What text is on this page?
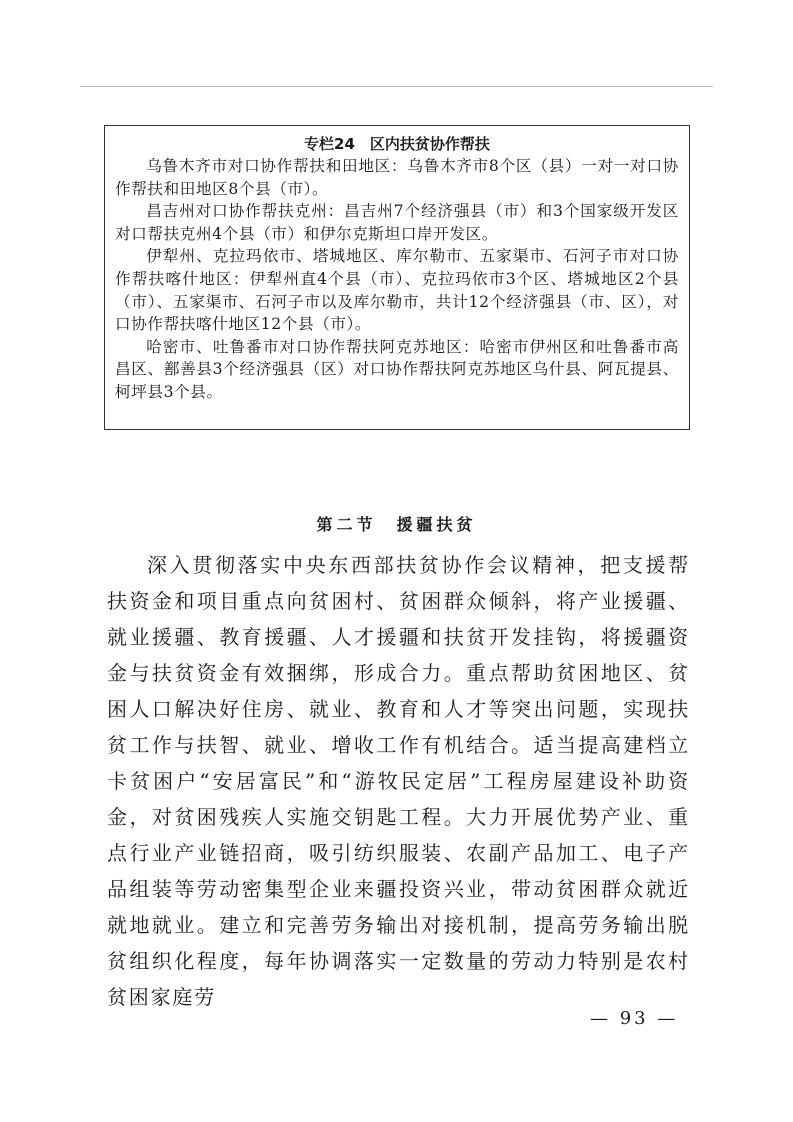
专栏24　区内扶贫协作帮扶

乌鲁木齐市对口协作帮扶和田地区：乌鲁木齐市8个区（县）一对一对口协作帮扶和田地区8个县（市）。

昌吉州对口协作帮扶克州：昌吉州7个经济强县（市）和3个国家级开发区对口帮扶克州4个县（市）和伊尔克斯坦口岸开发区。

伊犁州、克拉玛依市、塔城地区、库尔勒市、五家渠市、石河子市对口协作帮扶喀什地区：伊犁州直4个县（市）、克拉玛依市3个区、塔城地区2个县（市）、五家渠市、石河子市以及库尔勒市，共计12个经济强县（市、区），对口协作帮扶喀什地区12个县（市）。

哈密市、吐鲁番市对口协作帮扶阿克苏地区：哈密市伊州区和吐鲁番市高昌区、鄯善县3个经济强县（区）对口协作帮扶阿克苏地区乌什县、阿瓦提县、柯坪县3个县。

第二节　援疆扶贫

深入贯彻落实中央东西部扶贫协作会议精神，把支援帮扶资金和项目重点向贫困村、贫困群众倾斜，将产业援疆、就业援疆、教育援疆、人才援疆和扶贫开发挂钩，将援疆资金与扶贫资金有效捆绑，形成合力。重点帮助贫困地区、贫困人口解决好住房、就业、教育和人才等突出问题，实现扶贫工作与扶智、就业、增收工作有机结合。适当提高建档立卡贫困户“安居富民”和“游牧民定居”工程房屋建设补助资金，对贫困残疾人实施交钥匙工程。大力开展优势产业、重点行业产业链招商，吸引纺织服装、农副产品加工、电子产品组装等劳动密集型企业来疆投资兴业，带动贫困群众就近就地就业。建立和完善劳务输出对接机制，提高劳务输出脱贫组织化程度，每年协调落实一定数量的劳动力特别是农村贫困家庭劳

— 93 —
